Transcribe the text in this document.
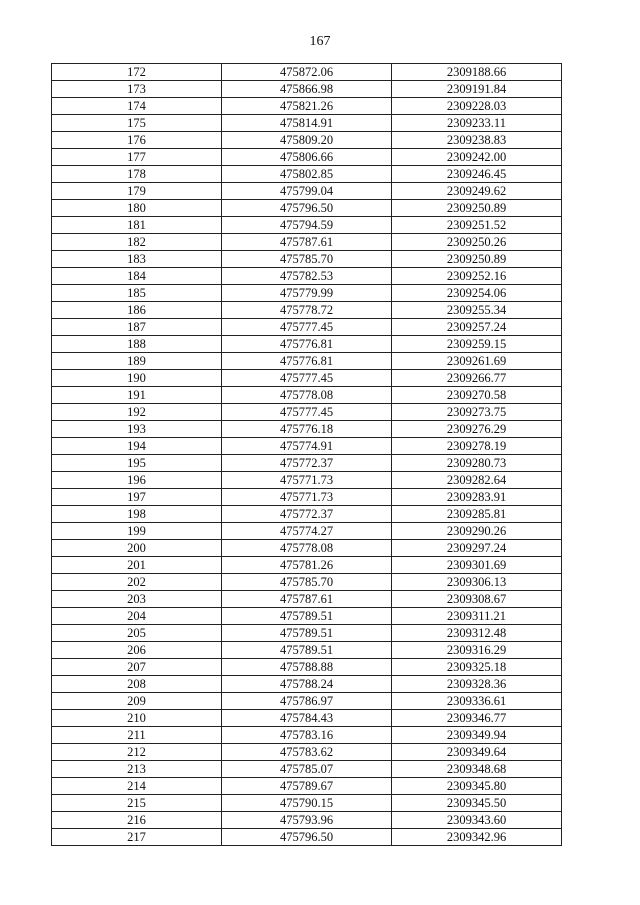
167
172	475872.06	2309188.66
173	475866.98	2309191.84
174	475821.26	2309228.03
175	475814.91	2309233.11
176	475809.20	2309238.83
177	475806.66	2309242.00
178	475802.85	2309246.45
179	475799.04	2309249.62
180	475796.50	2309250.89
181	475794.59	2309251.52
182	475787.61	2309250.26
183	475785.70	2309250.89
184	475782.53	2309252.16
185	475779.99	2309254.06
186	475778.72	2309255.34
187	475777.45	2309257.24
188	475776.81	2309259.15
189	475776.81	2309261.69
190	475777.45	2309266.77
191	475778.08	2309270.58
192	475777.45	2309273.75
193	475776.18	2309276.29
194	475774.91	2309278.19
195	475772.37	2309280.73
196	475771.73	2309282.64
197	475771.73	2309283.91
198	475772.37	2309285.81
199	475774.27	2309290.26
200	475778.08	2309297.24
201	475781.26	2309301.69
202	475785.70	2309306.13
203	475787.61	2309308.67
204	475789.51	2309311.21
205	475789.51	2309312.48
206	475789.51	2309316.29
207	475788.88	2309325.18
208	475788.24	2309328.36
209	475786.97	2309336.61
210	475784.43	2309346.77
211	475783.16	2309349.94
212	475783.62	2309349.64
213	475785.07	2309348.68
214	475789.67	2309345.80
215	475790.15	2309345.50
216	475793.96	2309343.60
217	475796.50	2309342.96
